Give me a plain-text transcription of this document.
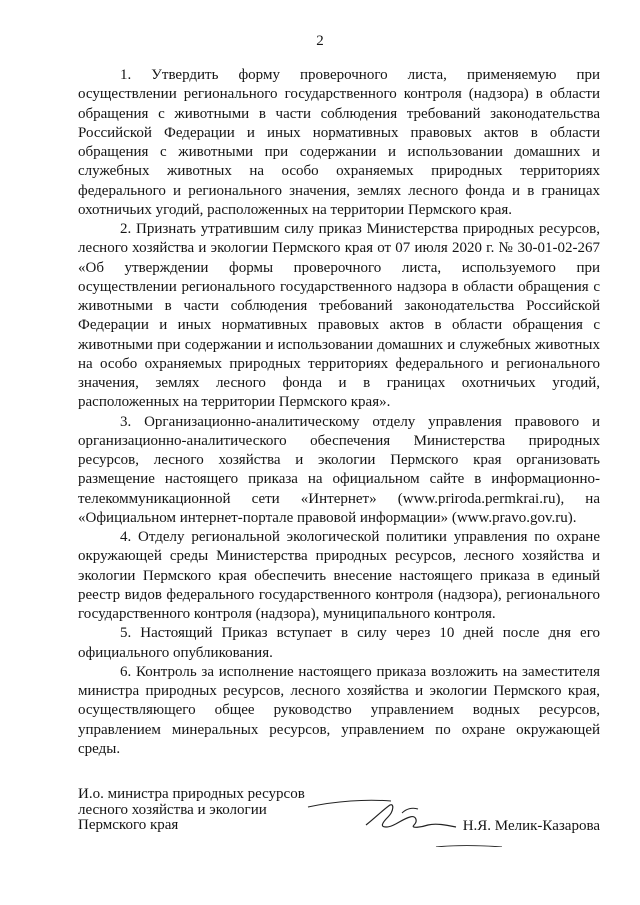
2

1. Утвердить форму проверочного листа, применяемую при осуществлении регионального государственного контроля (надзора) в области обращения с животными в части соблюдения требований законодательства Российской Федерации и иных нормативных правовых актов в области обращения с животными при содержании и использовании домашних и служебных животных на особо охраняемых природных территориях федерального и регионального значения, землях лесного фонда и в границах охотничьих угодий, расположенных на территории Пермского края.

2. Признать утратившим силу приказ Министерства природных ресурсов, лесного хозяйства и экологии Пермского края от 07 июля 2020 г. № 30-01-02-267 «Об утверждении формы проверочного листа, используемого при осуществлении регионального государственного надзора в области обращения с животными в части соблюдения требований законодательства Российской Федерации и иных нормативных правовых актов в области обращения с животными при содержании и использовании домашних и служебных животных на особо охраняемых природных территориях федерального и регионального значения, землях лесного фонда и в границах охотничьих угодий, расположенных на территории Пермского края».

3. Организационно-аналитическому отделу управления правового и организационно-аналитического обеспечения Министерства природных ресурсов, лесного хозяйства и экологии Пермского края организовать размещение настоящего приказа на официальном сайте в информационно-телекоммуникационной сети «Интернет» (www.priroda.permkrai.ru), на «Официальном интернет-портале правовой информации» (www.pravo.gov.ru).

4. Отделу региональной экологической политики управления по охране окружающей среды Министерства природных ресурсов, лесного хозяйства и экологии Пермского края обеспечить внесение настоящего приказа в единый реестр видов федерального государственного контроля (надзора), регионального государственного контроля (надзора), муниципального контроля.

5. Настоящий Приказ вступает в силу через 10 дней после дня его официального опубликования.

6. Контроль за исполнение настоящего приказа возложить на заместителя министра природных ресурсов, лесного хозяйства и экологии Пермского края, осуществляющего общее руководство управлением водных ресурсов, управлением минеральных ресурсов, управлением по охране окружающей среды.

И.о. министра природных ресурсов
лесного хозяйства и экологии
Пермского края	Н.Я. Мелик-Казарова
